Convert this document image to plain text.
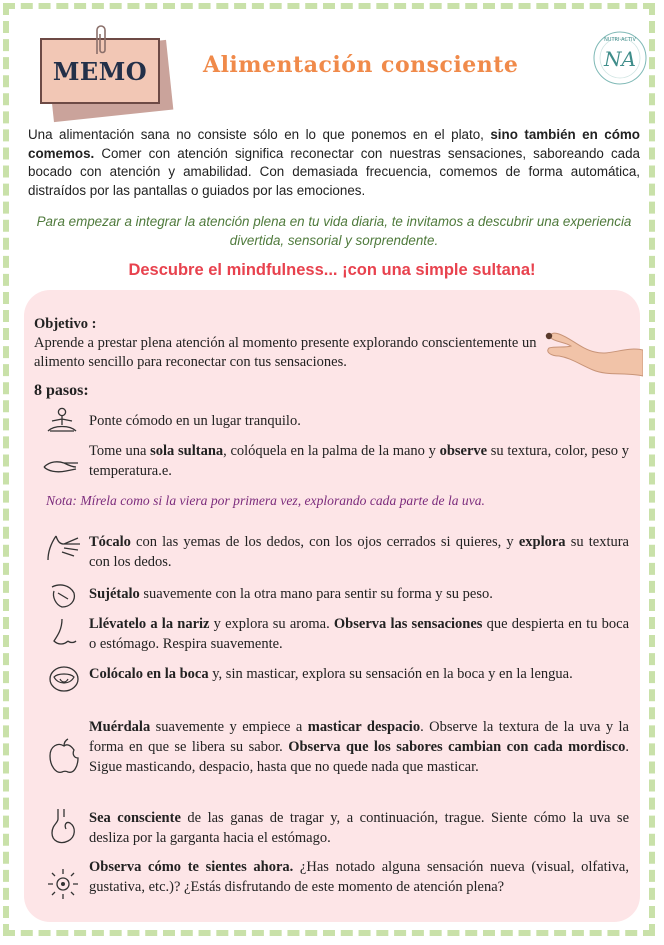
MEMO	Alimentación consciente	NA
NUTRI-ACTIV
Una alimentación sana no consiste sólo en lo que ponemos en el plato, sino también en cómo comemos. Comer con atención significa reconectar con nuestras sensaciones, saboreando cada bocado con atención y amabilidad. Con demasiada frecuencia, comemos de forma automática, distraídos por las pantallas o guiados por las emociones.
Para empezar a integrar la atención plena en tu vida diaria, te invitamos a descubrir una experiencia divertida, sensorial y sorprendente.
Descubre el mindfulness... ¡con una simple sultana!
Objetivo :
Aprende a prestar plena atención al momento presente explorando conscientemente un alimento sencillo para reconectar con tus sensaciones.
8 pasos:
Ponte cómodo en un lugar tranquilo.
Tome una sola sultana, colóquela en la palma de la mano y observe su textura, color, peso y temperatura.e.
Nota: Mírela como si la viera por primera vez, explorando cada parte de la uva.
Tócalo con las yemas de los dedos, con los ojos cerrados si quieres, y explora su textura con los dedos.
Sujétalo suavemente con la otra mano para sentir su forma y su peso.
Llévatelo a la nariz y explora su aroma. Observa las sensaciones que despierta en tu boca o estómago. Respira suavemente.
Colócalo en la boca y, sin masticar, explora su sensación en la boca y en la lengua.
Muérdala suavemente y empiece a masticar despacio. Observe la textura de la uva y la forma en que se libera su sabor. Observa que los sabores cambian con cada mordisco. Sigue masticando, despacio, hasta que no quede nada que masticar.
Sea consciente de las ganas de tragar y, a continuación, trague. Siente cómo la uva se desliza por la garganta hacia el estómago.
Observa cómo te sientes ahora. ¿Has notado alguna sensación nueva (visual, olfativa, gustativa, etc.)? ¿Estás disfrutando de este momento de atención plena?
